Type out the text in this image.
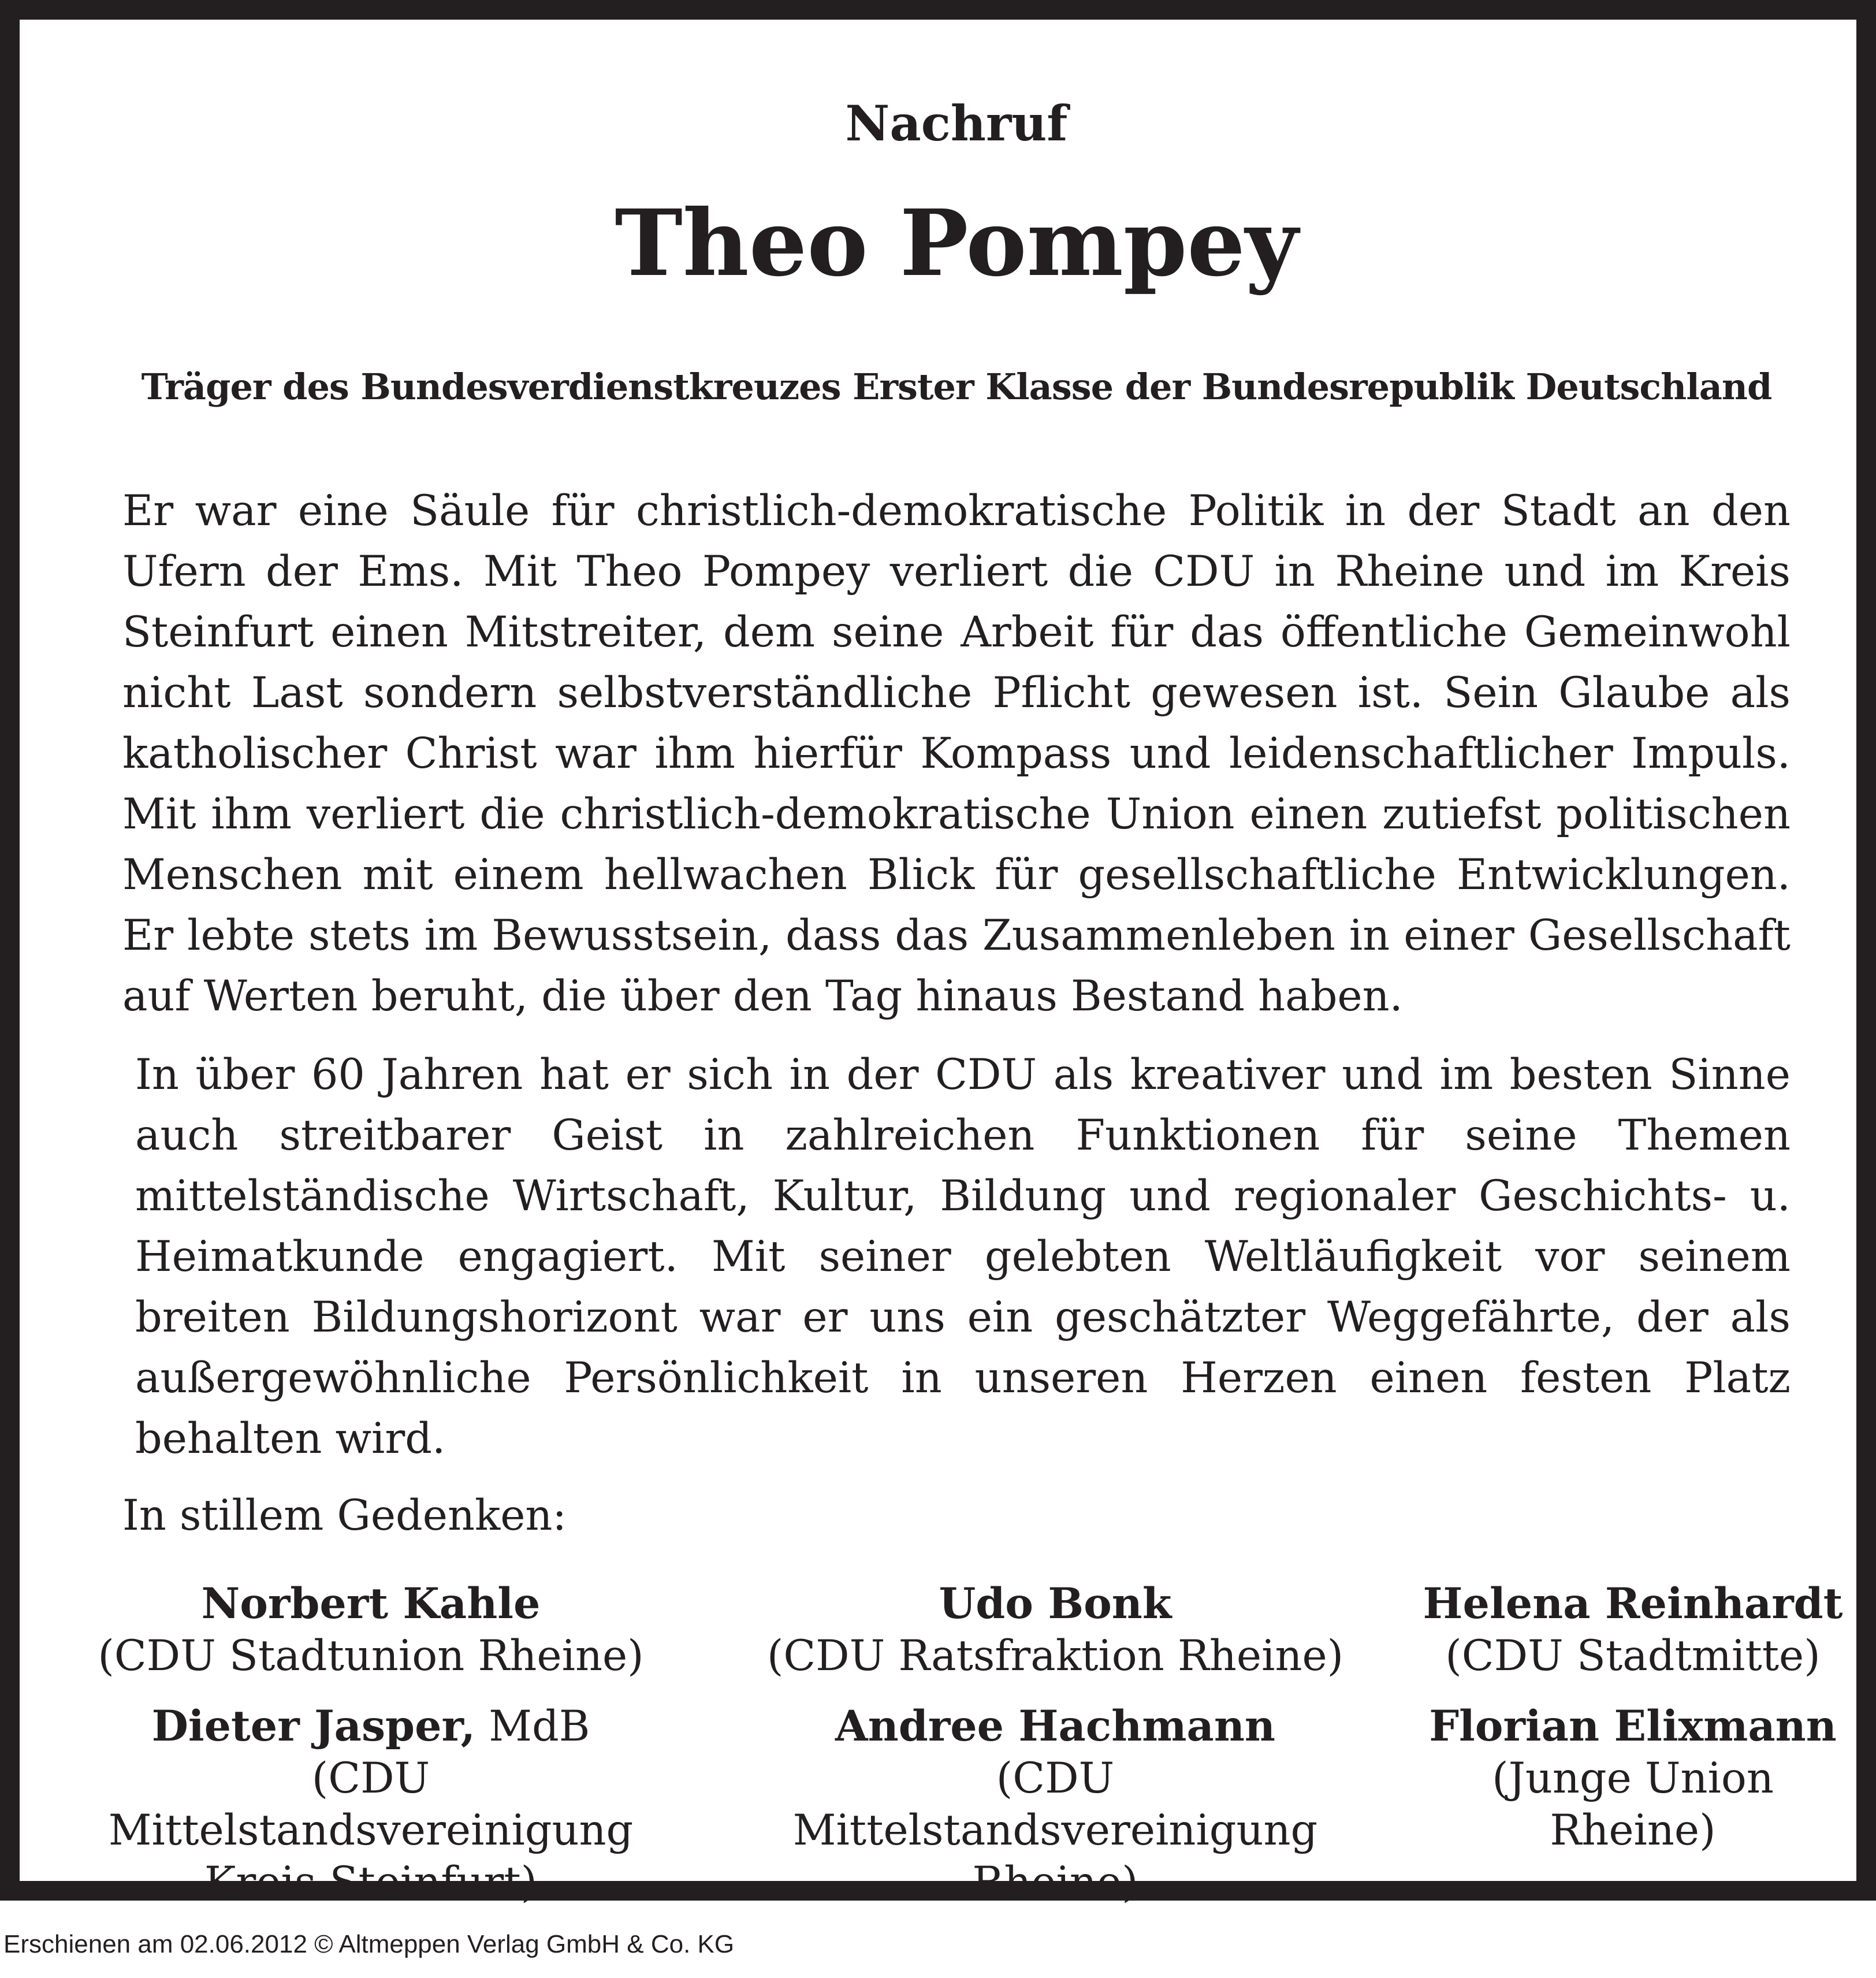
Nachruf
Theo Pompey
Träger des Bundesverdienstkreuzes Erster Klasse der Bundesrepublik Deutschland
Er war eine Säule für christlich-demokratische Politik in der Stadt an den Ufern der Ems. Mit Theo Pompey verliert die CDU in Rheine und im Kreis Steinfurt einen Mitstreiter, dem seine Arbeit für das öffentliche Gemeinwohl nicht Last sondern selbstverständliche Pflicht gewesen ist. Sein Glaube als katholischer Christ war ihm hierfür Kompass und leidenschaftlicher Impuls. Mit ihm verliert die christlich-demokratische Union einen zutiefst politischen Menschen mit einem hellwachen Blick für gesellschaftliche Entwicklungen. Er lebte stets im Bewusstsein, dass das Zusammenleben in einer Gesellschaft auf Werten beruht, die über den Tag hinaus Bestand haben.
In über 60 Jahren hat er sich in der CDU als kreativer und im besten Sinne auch streitbarer Geist in zahlreichen Funktionen für seine Themen mittelständische Wirtschaft, Kultur, Bildung und regionaler Geschichts- u. Heimatkunde engagiert. Mit seiner gelebten Weltläufigkeit vor seinem breiten Bildungshorizont war er uns ein geschätzter Weggefährte, der als außergewöhnliche Persönlichkeit in unseren Herzen einen festen Platz behalten wird.
In stillem Gedenken:
Norbert Kahle
(CDU Stadtunion Rheine)
Udo Bonk
(CDU Ratsfraktion Rheine)
Helena Reinhardt
(CDU Stadtmitte)
Dieter Jasper, MdB
(CDU Mittelstandsvereinigung
Kreis Steinfurt)
Andree Hachmann
(CDU Mittelstandsvereinigung
Rheine)
Florian Elixmann
(Junge Union
Rheine)
Erschienen am 02.06.2012 © Altmeppen Verlag GmbH & Co. KG
